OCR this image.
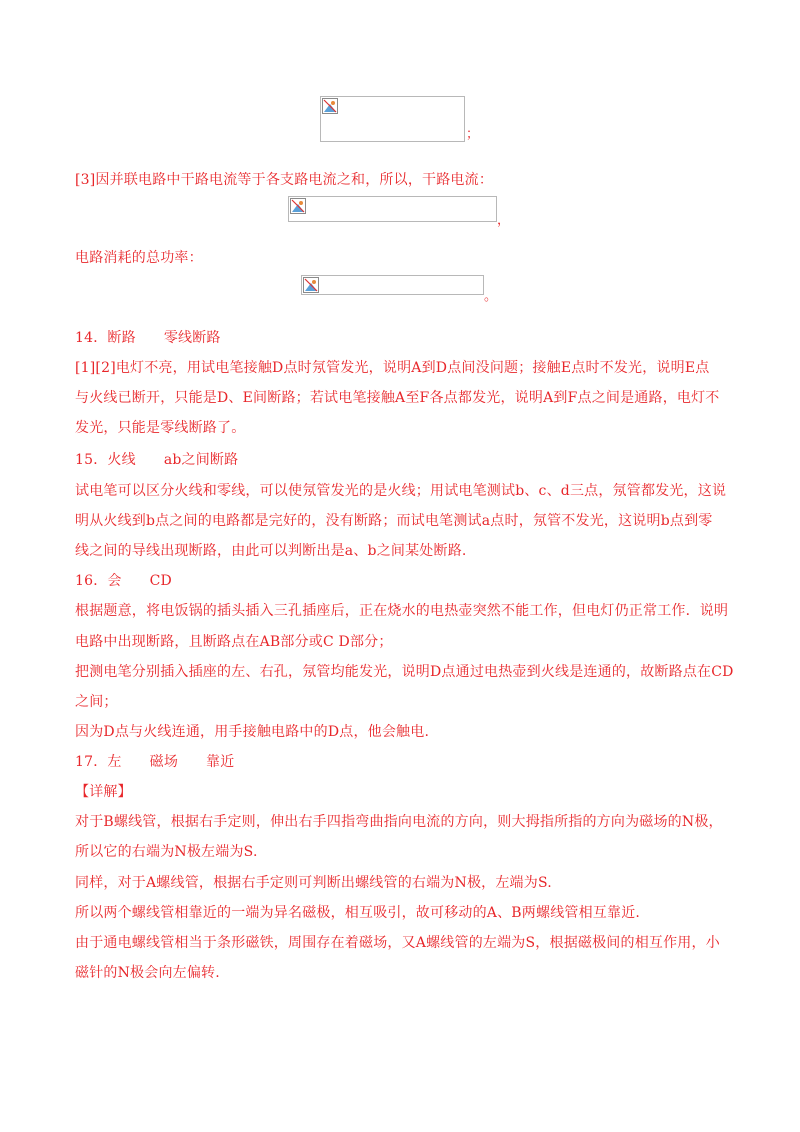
；
[3]因并联电路中干路电流等于各支路电流之和，所以，干路电流：
，
电路消耗的总功率：
。
14．断路 零线断路
[1][2]电灯不亮，用试电笔接触D点时氖管发光，说明A到D点间没问题；接触E点时不发光，说明E点
与火线已断开，只能是D、E间断路；若试电笔接触A至F各点都发光，说明A到F点之间是通路，电灯不
发光，只能是零线断路了。
15．火线 ab之间断路
试电笔可以区分火线和零线，可以使氖管发光的是火线；用试电笔测试b、c、d三点，氖管都发光，这说
明从火线到b点之间的电路都是完好的，没有断路；而试电笔测试a点时，氖管不发光，这说明b点到零
线之间的导线出现断路，由此可以判断出是a、b之间某处断路.
16．会 CD
根据题意，将电饭锅的插头插入三孔插座后，正在烧水的电热壶突然不能工作，但电灯仍正常工作．说明
电路中出现断路，且断路点在AB部分或C D部分；
把测电笔分别插入插座的左、右孔，氖管均能发光，说明D点通过电热壶到火线是连通的，故断路点在CD
之间；
因为D点与火线连通，用手接触电路中的D点，他会触电.
17．左 磁场 靠近
【详解】
对于B螺线管，根据右手定则，伸出右手四指弯曲指向电流的方向，则大拇指所指的方向为磁场的N极，
所以它的右端为N极左端为S.
同样，对于A螺线管，根据右手定则可判断出螺线管的右端为N极，左端为S.
所以两个螺线管相靠近的一端为异名磁极，相互吸引，故可移动的A、B两螺线管相互靠近.
由于通电螺线管相当于条形磁铁，周围存在着磁场，又A螺线管的左端为S，根据磁极间的相互作用，小
磁针的N极会向左偏转.
